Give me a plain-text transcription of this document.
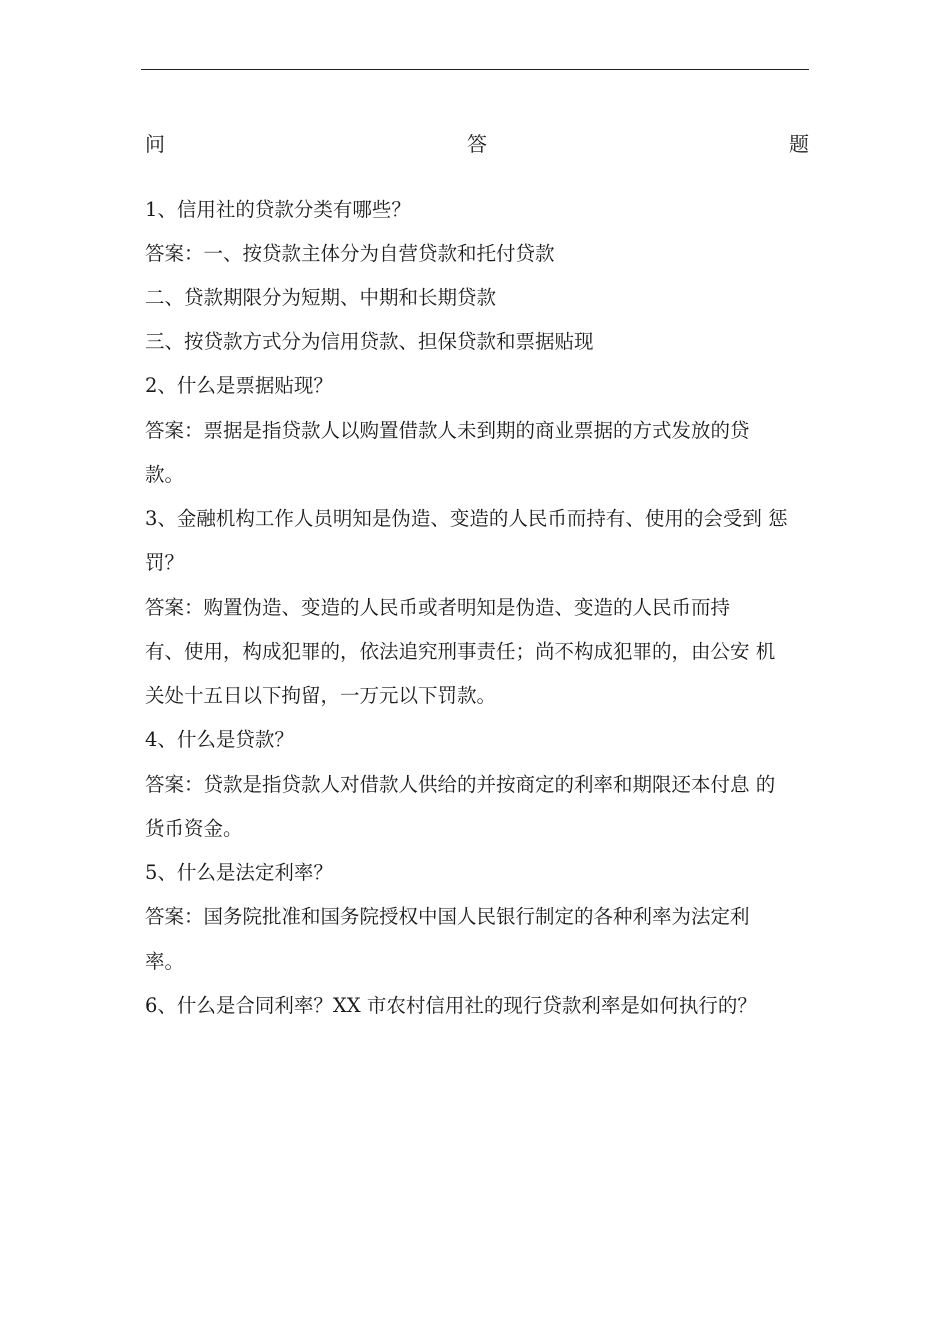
问	答	题
1、信用社的贷款分类有哪些？
答案：一、按贷款主体分为自营贷款和托付贷款
二、贷款期限分为短期、中期和长期贷款
三、按贷款方式分为信用贷款、担保贷款和票据贴现
2、什么是票据贴现？
答案：票据是指贷款人以购置借款人未到期的商业票据的方式发放的贷
款。
3、金融机构工作人员明知是伪造、变造的人民币而持有、使用的会受到 惩
罚？
答案：购置伪造、变造的人民币或者明知是伪造、变造的人民币而持
有、使用，构成犯罪的，依法追究刑事责任；尚不构成犯罪的，由公安 机
关处十五日以下拘留，一万元以下罚款。
4、什么是贷款？
答案：贷款是指贷款人对借款人供给的并按商定的利率和期限还本付息 的
货币资金。
5、什么是法定利率？
答案：国务院批准和国务院授权中国人民银行制定的各种利率为法定利
率。
6、什么是合同利率？XX 市农村信用社的现行贷款利率是如何执行的？
